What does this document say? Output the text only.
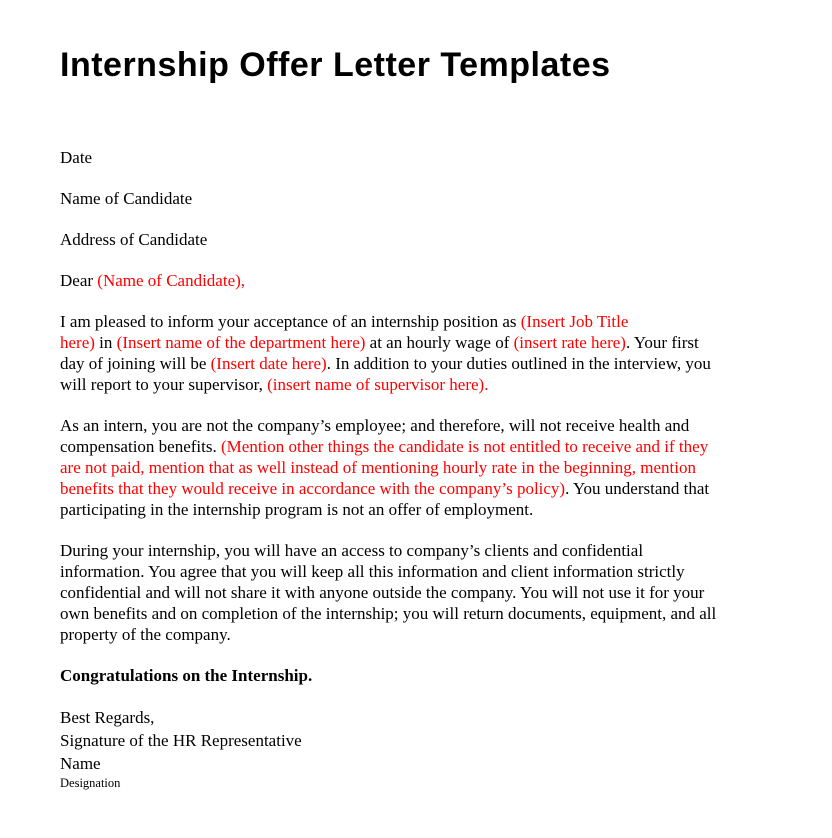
Internship Offer Letter Templates

Date

Name of Candidate

Address of Candidate

Dear (Name of Candidate),

I am pleased to inform your acceptance of an internship position as (Insert Job Title
here) in (Insert name of the department here) at an hourly wage of (insert rate here). Your first
day of joining will be (Insert date here). In addition to your duties outlined in the interview, you
will report to your supervisor, (insert name of supervisor here).

As an intern, you are not the company’s employee; and therefore, will not receive health and
compensation benefits. (Mention other things the candidate is not entitled to receive and if they
are not paid, mention that as well instead of mentioning hourly rate in the beginning, mention
benefits that they would receive in accordance with the company’s policy). You understand that
participating in the internship program is not an offer of employment.

During your internship, you will have an access to company’s clients and confidential
information. You agree that you will keep all this information and client information strictly
confidential and will not share it with anyone outside the company. You will not use it for your
own benefits and on completion of the internship; you will return documents, equipment, and all
property of the company.

Congratulations on the Internship.

Best Regards,
Signature of the HR Representative
Name

Designation
